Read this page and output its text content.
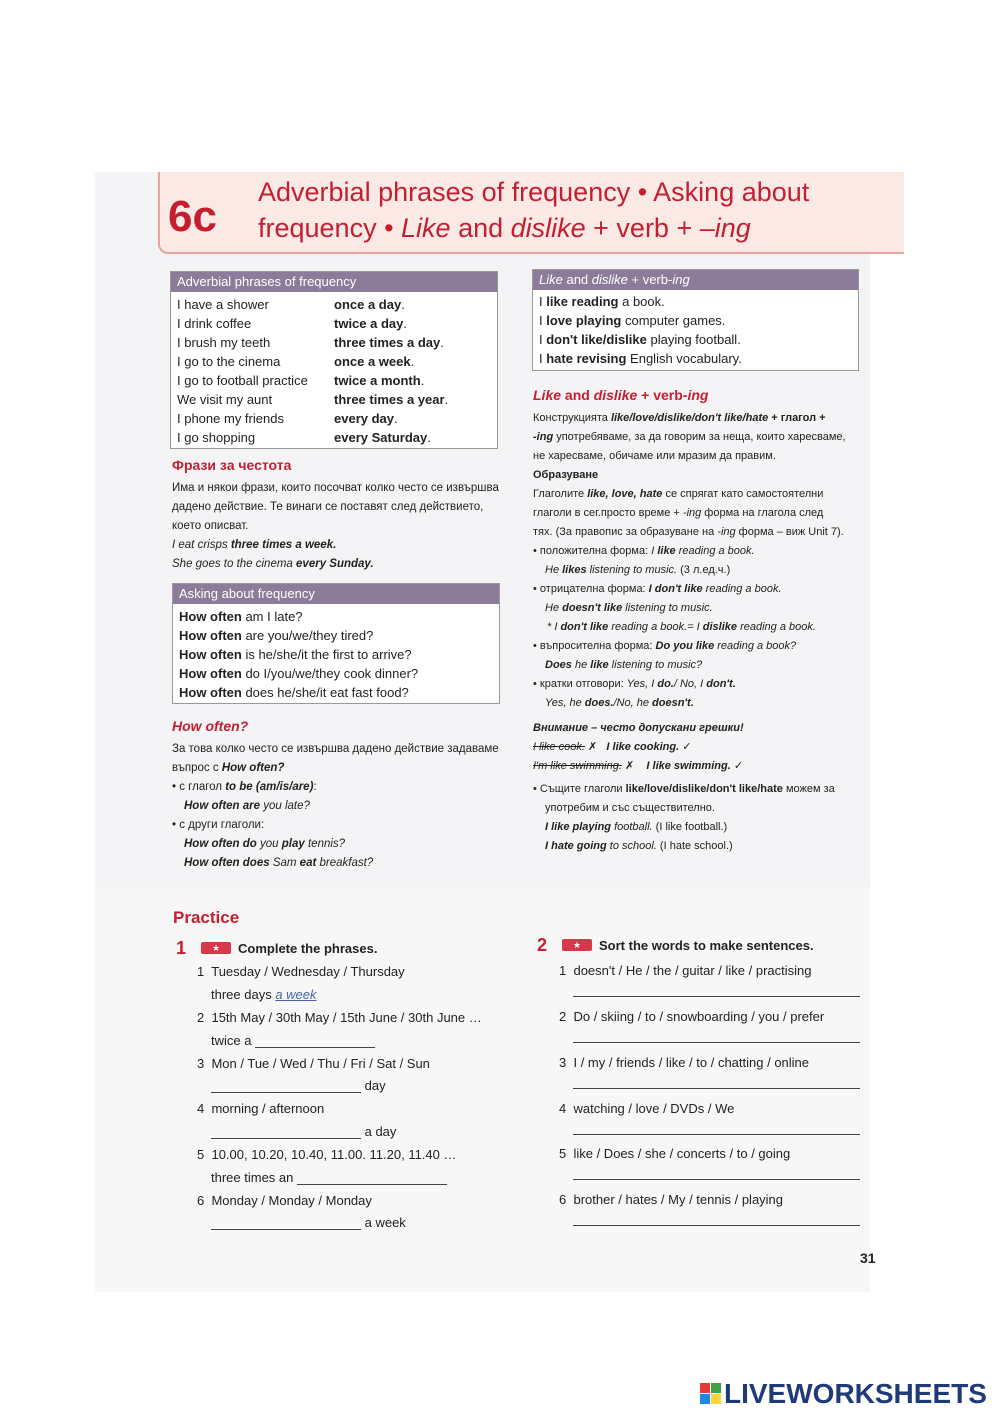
6c Adverbial phrases of frequency • Asking about
frequency • Like and dislike + verb + –ing
Adverbial phrases of frequency
I have a shower	once a day.
I drink coffee	twice a day.
I brush my teeth	three times a day.
I go to the cinema	once a week.
I go to football practice twice a month.
We visit my aunt	three times a year.
I phone my friends	every day.
I go shopping	every Saturday.
Фрази за честота
Има и някои фрази, които посочват колко често се извършва
дадено действие. Те винаги се поставят след действието,
което описват.
I eat crisps three times a week.
She goes to the cinema every Sunday.
Asking about frequency
How often am I late?
How often are you/we/they tired?
How often is he/she/it the first to arrive?
How often do I/you/we/they cook dinner?
How often does he/she/it eat fast food?
How often?
За това колко често се извършва дадено действие задаваме
въпрос с How often?
• с глагол to be (am/is/are):
How often are you late?
• с други глаголи:
How often do you play tennis?
How often does Sam eat breakfast?
Like and dislike + verb-ing
I like reading a book.
I love playing computer games.
I don't like/dislike playing football.
I hate revising English vocabulary.
Like and dislike + verb-ing
Конструкцията like/love/dislike/don't like/hate + глагол +
-ing употребяваме, за да говорим за неща, които харесваме,
не харесваме, обичаме или мразим да правим.
Образуване
Глаголите like, love, hate се спрягат като самостоятелни
глаголи в сег.просто време + -ing форма на глагола след
тях. (За правопис за образуване на -ing форма – виж Unit 7).
• положителна форма: I like reading a book.
He likes listening to music. (3 л.ед.ч.)
• отрицателна форма: I don't like reading a book.
He doesn't like listening to music.
* I don't like reading a book.= I dislike reading a book.
• въпросителна форма: Do you like reading a book?
Does he like listening to music?
• кратки отговори: Yes, I do./ No, I don't.
Yes, he does./No, he doesn't.
Внимание – често допускани грешки!
I like cook. ✗ I like cooking. ✓
I'm like swimming. ✗ I like swimming. ✓
• Същите глаголи like/love/dislike/don't like/hate можем за
употребим и със съществително.
I like playing football. (I like football.)
I hate going to school. (I hate school.)
Practice
1	★	Complete the phrases.
1 Tuesday / Wednesday / Thursday
three days a week
2 15th May / 30th May / 15th June / 30th June …
twice a
3 Mon / Tue / Wed / Thu / Fri / Sat / Sun
day
4 morning / afternoon
a day
5 10.00, 10.20, 10.40, 11.00. 11.20, 11.40 …
three times an
6 Monday / Monday / Monday
a week
2	★	Sort the words to make sentences.
1 doesn't / He / the / guitar / like / practising
2 Do / skiing / to / snowboarding / you / prefer
3 I / my / friends / like / to / chatting / online
4 watching / love / DVDs / We
5 like / Does / she / concerts / to / going
6 brother / hates / My / tennis / playing
31
LIVEWORKSHEETS
